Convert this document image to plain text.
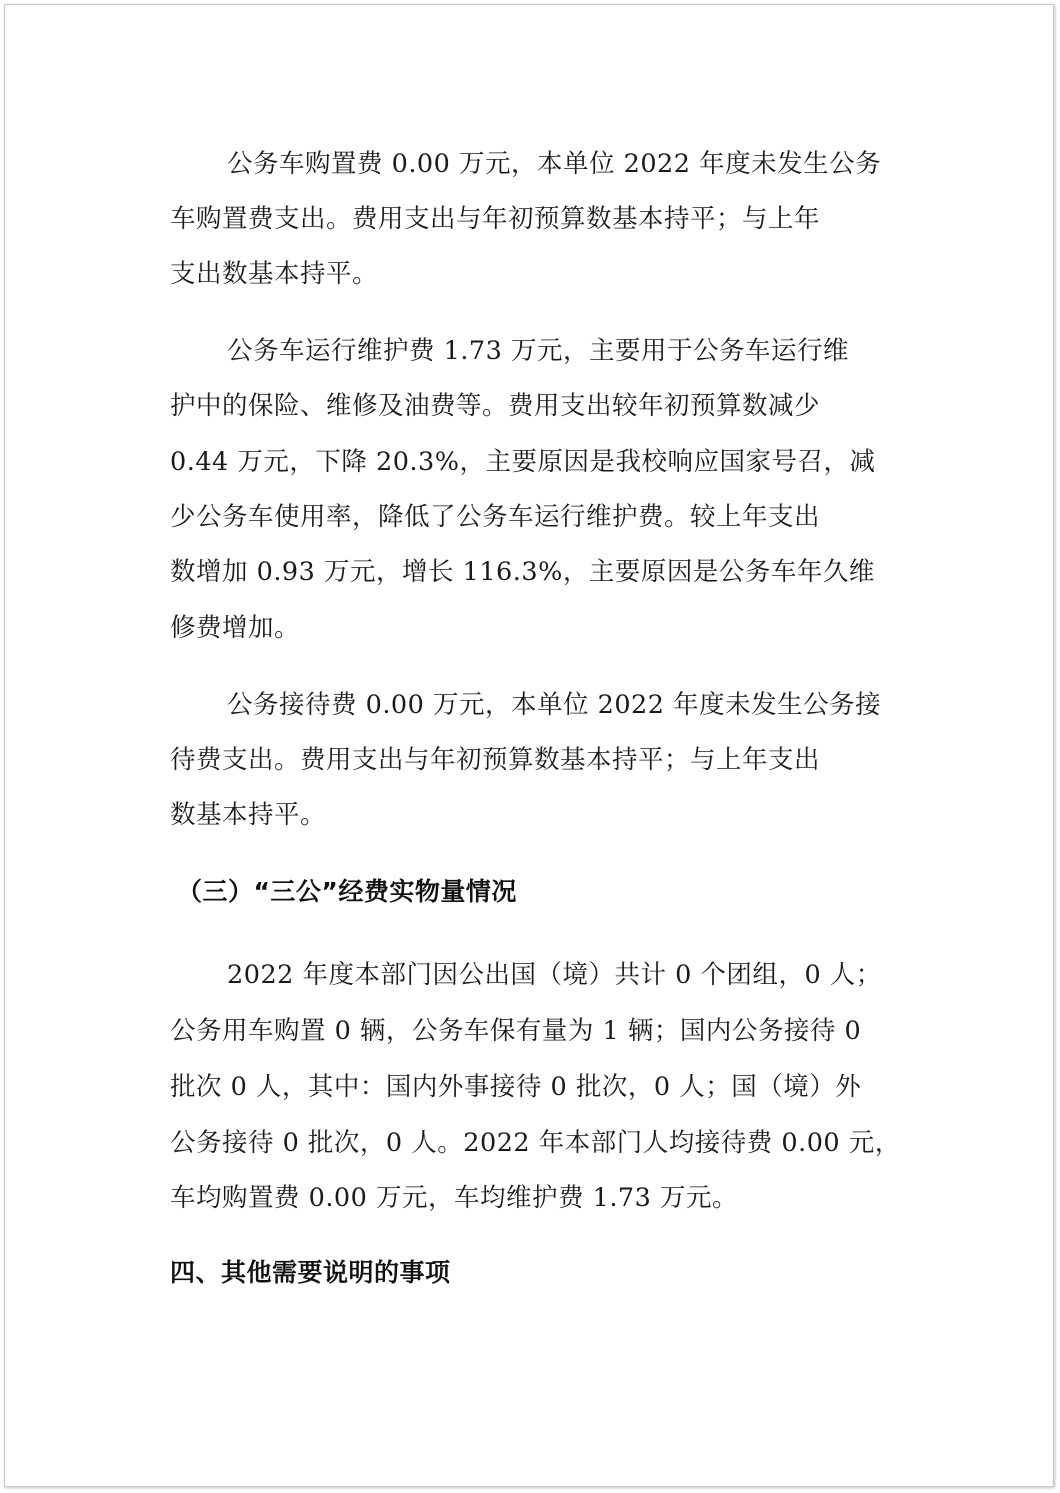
公务车购置费 0.00 万元，本单位 2022 年度未发生公务

车购置费支出。费用支出与年初预算数基本持平；与上年

支出数基本持平。

公务车运行维护费 1.73 万元，主要用于公务车运行维

护中的保险、维修及油费等。费用支出较年初预算数减少

0.44 万元，下降 20.3%，主要原因是我校响应国家号召，减

少公务车使用率，降低了公务车运行维护费。较上年支出

数增加 0.93 万元，增长 116.3%，主要原因是公务车年久维

修费增加。

公务接待费 0.00 万元，本单位 2022 年度未发生公务接

待费支出。费用支出与年初预算数基本持平；与上年支出

数基本持平。

（三）“三公”经费实物量情况

2022 年度本部门因公出国（境）共计 0 个团组，0 人；

公务用车购置 0 辆，公务车保有量为 1 辆；国内公务接待 0

批次 0 人，其中：国内外事接待 0 批次，0 人；国（境）外

公务接待 0 批次，0 人。2022 年本部门人均接待费 0.00 元，

车均购置费 0.00 万元，车均维护费 1.73 万元。

四、其他需要说明的事项
